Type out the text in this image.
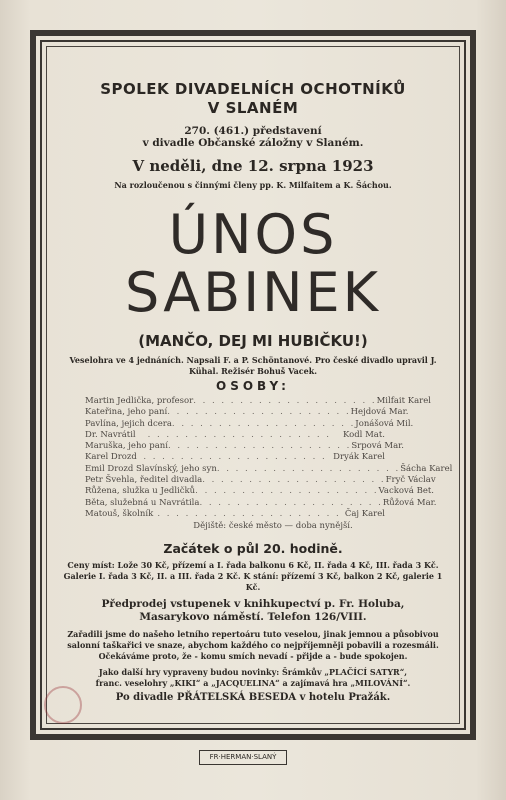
SPOLEK DIVADELNÍCH OCHOTNÍKŮ
V SLANÉM
270. (461.) představení
v divadle Občanské záložny v Slaném.
V neděli, dne 12. srpna 1923
Na rozloučenou s činnými členy pp. K. Milfaitem a K. Šáchou.
ÚNOS
SABINEK
(MANČO, DEJ MI HUBIČKU!)
Veselohra ve 4 jednáních. Napsali F. a P. Schöntanové. Pro české divadlo upravil J. Kühal. Režisér Bohuš Vacek.
OSOBY:
Martin Jedlička, profesor . . . . . . . . . . . . . . . . . . . . Milfait Karel
Kateřina, jeho paní . . . . . . . . . . . . . . . . . . . . Hejdová Mar.
Pavlína, jejich dcera . . . . . . . . . . . . . . . . . . . . Jonášová Mil.
Dr. Navrátil	. . . . . . . . . . . . . . . . . . . .	Kodl Mat.
Maruška, jeho paní . . . . . . . . . . . . . . . . . . . . Srpová Mar.
Karel Drozd . . . . . . . . . . . . . . . . . . . . Dryák Karel
Emil Drozd Slavínský, jeho syn . . . . . . . . . . . . . . . . . . . . Šácha Karel
Petr Švehla, ředitel divadla . . . . . . . . . . . . . . . . . . . . Fryč Václav
Růžena, služka u Jedličků . . . . . . . . . . . . . . . . . . . . Vacková Bet.
Běta, služebná u Navrátila . . . . . . . . . . . . . . . . . . . . Růžová Mar.
Matouš, školník . . . . . . . . . . . . . . . . . . . . Čaj Karel
Dějiště: české město — doba nynější.
Začátek o půl 20. hodině.
Ceny míst: Lože 30 Kč, přízemí a I. řada balkonu 6 Kč, II. řada 4 Kč, III. řada 3 Kč. Galerie I. řada 3 Kč, II. a III. řada 2 Kč. K stání: přízemí 3 Kč, balkon 2 Kč, galerie 1 Kč.
Předprodej vstupenek v knihkupectví p. Fr. Holuba,
Masarykovo náměstí. Telefon 126/VIII.
Zařadili jsme do našeho letního repertoáru tuto veselou, jinak jemnou a působivou salonní taškařici ve snaze, abychom každého co nejpříjemněji pobavili a rozesmáli. Očekáváme proto, že - komu smích nevadí - přijde a - bude spokojen.
Jako další hry vypraveny budou novinky: Šrámkův „PLAČÍCÍ SATYR“,
franc. veselohry „KIKI“ a „JACQUELINA“ a zajímavá hra „MILOVÁNÍ“.
Po divadle PŘÁTELSKÁ BESEDA v hotelu Pražák.
FR·HERMAN·SLANÝ
